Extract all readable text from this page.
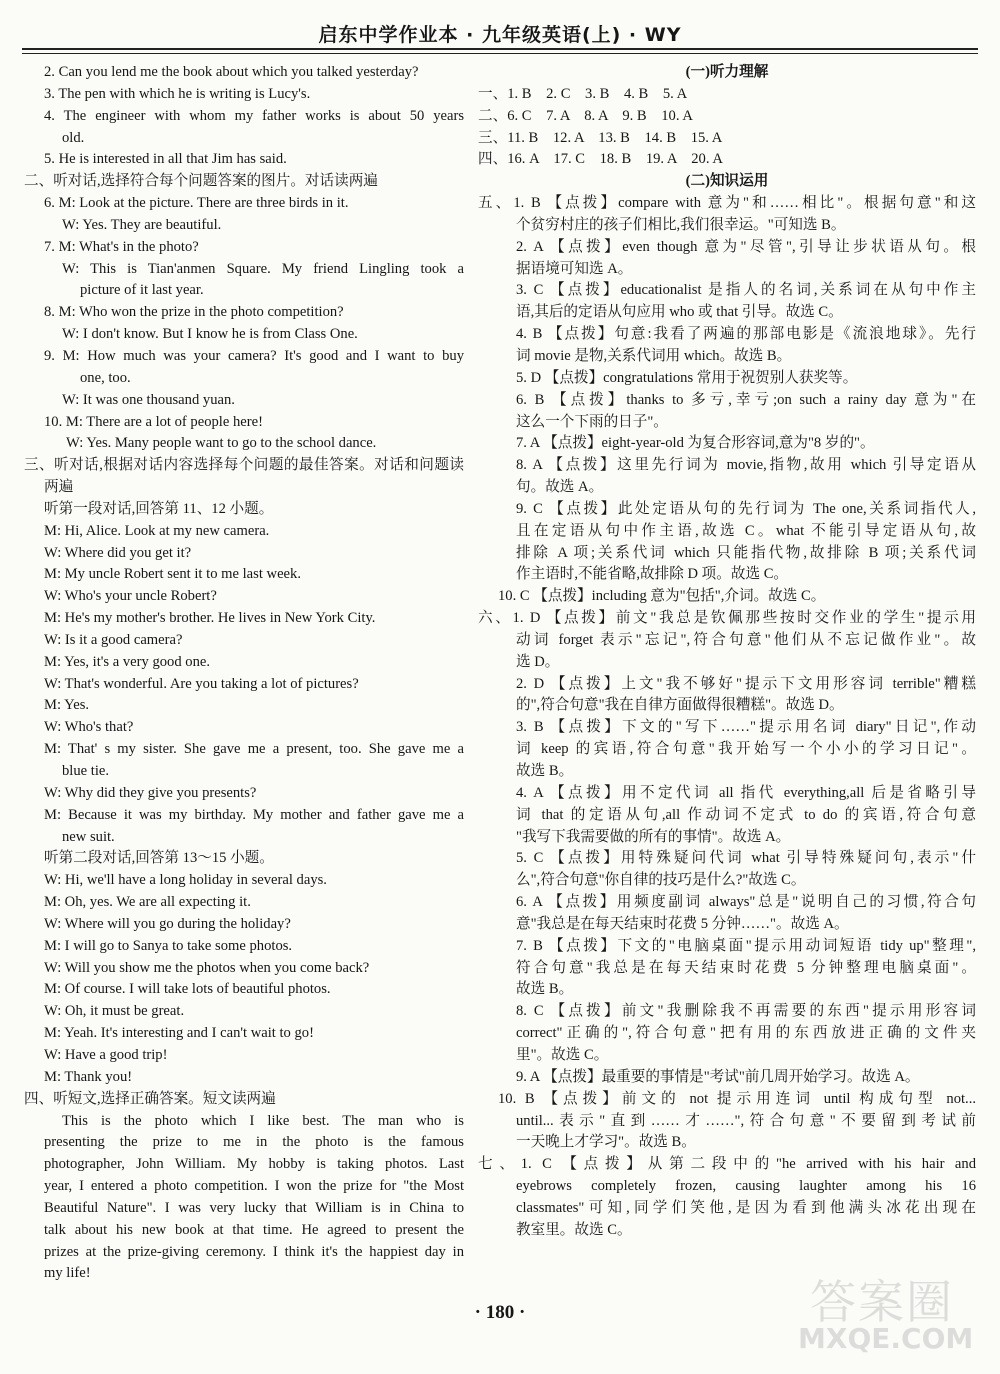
启东中学作业本 · 九年级英语(上) · WY
2. Can you lend me the book about which you talked yesterday?
3. The pen with which he is writing is Lucy's.
4. The engineer with whom my father works is about 50 years
old.
5. He is interested in all that Jim has said.
二、听对话,选择符合每个问题答案的图片。对话读两遍
6. M: Look at the picture. There are three birds in it.
W: Yes. They are beautiful.
7. M: What's in the photo?
W: This is Tian'anmen Square. My friend Lingling took a
picture of it last year.
8. M: Who won the prize in the photo competition?
W: I don't know. But I know he is from Class One.
9. M: How much was your camera? It's good and I want to buy
one, too.
W: It was one thousand yuan.
10. M: There are a lot of people here!
W: Yes. Many people want to go to the school dance.
三、听对话,根据对话内容选择每个问题的最佳答案。对话和问题读
两遍
听第一段对话,回答第 11、12 小题。
M: Hi, Alice. Look at my new camera.
W: Where did you get it?
M: My uncle Robert sent it to me last week.
W: Who's your uncle Robert?
M: He's my mother's brother. He lives in New York City.
W: Is it a good camera?
M: Yes, it's a very good one.
W: That's wonderful. Are you taking a lot of pictures?
M: Yes.
W: Who's that?
M: That' s my sister. She gave me a present, too. She gave me a
blue tie.
W: Why did they give you presents?
M: Because it was my birthday. My mother and father gave me a
new suit.
听第二段对话,回答第 13～15 小题。
W: Hi, we'll have a long holiday in several days.
M: Oh, yes. We are all expecting it.
W: Where will you go during the holiday?
M: I will go to Sanya to take some photos.
W: Will you show me the photos when you come back?
M: Of course. I will take lots of beautiful photos.
W: Oh, it must be great.
M: Yeah. It's interesting and I can't wait to go!
W: Have a good trip!
M: Thank you!
四、听短文,选择正确答案。短文读两遍
This is the photo which I like best. The man who is
presenting the prize to me in the photo is the famous
photographer, John William. My hobby is taking photos. Last
year, I entered a photo competition. I won the prize for "the Most
Beautiful Nature". I was very lucky that William is in China to
talk about his new book at that time. He agreed to present the
prizes at the prize-giving ceremony. I think it's the happiest day in
my life!
(一)听力理解
一、1. B　2. C　3. B　4. B　5. A
二、6. C　7. A　8. A　9. B　10. A
三、11. B　12. A　13. B　14. B　15. A
四、16. A　17. C　18. B　19. A　20. A
(二)知识运用
五、1. B 【点拨】compare with 意为"和……相比"。根据句意"和这
个贫穷村庄的孩子们相比,我们很幸运。"可知选 B。
2. A 【点拨】even though 意为"尽管",引导让步状语从句。根
据语境可知选 A。
3. C 【点拨】educationalist 是指人的名词,关系词在从句中作主
语,其后的定语从句应用 who 或 that 引导。故选 C。
4. B 【点拨】句意:我看了两遍的那部电影是《流浪地球》。先行
词 movie 是物,关系代词用 which。故选 B。
5. D 【点拨】congratulations 常用于祝贺别人获奖等。
6. B 【点拨】thanks to 多亏,幸亏;on such a rainy day 意为"在
这么一个下雨的日子"。
7. A 【点拨】eight-year-old 为复合形容词,意为"8 岁的"。
8. A 【点拨】这里先行词为 movie,指物,故用 which 引导定语从
句。故选 A。
9. C 【点拨】此处定语从句的先行词为 The one,关系词指代人,
且在定语从句中作主语,故选 C。what 不能引导定语从句,故
排除 A 项;关系代词 which 只能指代物,故排除 B 项;关系代词
作主语时,不能省略,故排除 D 项。故选 C。
10. C 【点拨】including 意为"包括",介词。故选 C。
六、1. D 【点拨】前文"我总是钦佩那些按时交作业的学生"提示用
动词 forget 表示"忘记",符合句意"他们从不忘记做作业"。故
选 D。
2. D 【点拨】上文"我不够好"提示下文用形容词 terrible"糟糕
的",符合句意"我在自律方面做得很糟糕"。故选 D。
3. B 【点拨】下文的"写下……"提示用名词 diary"日记",作动
词 keep 的宾语,符合句意"我开始写一个小小的学习日记"。
故选 B。
4. A 【点拨】用不定代词 all 指代 everything,all 后是省略引导
词 that 的定语从句,all 作动词不定式 to do 的宾语,符合句意
"我写下我需要做的所有的事情"。故选 A。
5. C 【点拨】用特殊疑问代词 what 引导特殊疑问句,表示"什
么",符合句意"你自律的技巧是什么?"故选 C。
6. A 【点拨】用频度副词 always"总是"说明自己的习惯,符合句
意"我总是在每天结束时花费 5 分钟……"。故选 A。
7. B 【点拨】下文的"电脑桌面"提示用动词短语 tidy up"整理",
符合句意"我总是在每天结束时花费 5 分钟整理电脑桌面"。
故选 B。
8. C 【点拨】前文"我删除我不再需要的东西"提示用形容词
correct"正确的",符合句意"把有用的东西放进正确的文件夹
里"。故选 C。
9. A 【点拨】最重要的事情是"考试"前几周开始学习。故选 A。
10. B 【点拨】前文的 not 提示用连词 until 构成句型 not...
until...表示"直到……才……",符合句意"不要留到考试前
一天晚上才学习"。故选 B。
七、1. C 【点拨】从第二段中的"he arrived with his hair and
eyebrows completely frozen, causing laughter among his 16
classmates"可知,同学们笑他,是因为看到他满头冰花出现在
教室里。故选 C。
· 180 ·	答案圈
MXQE.COM
